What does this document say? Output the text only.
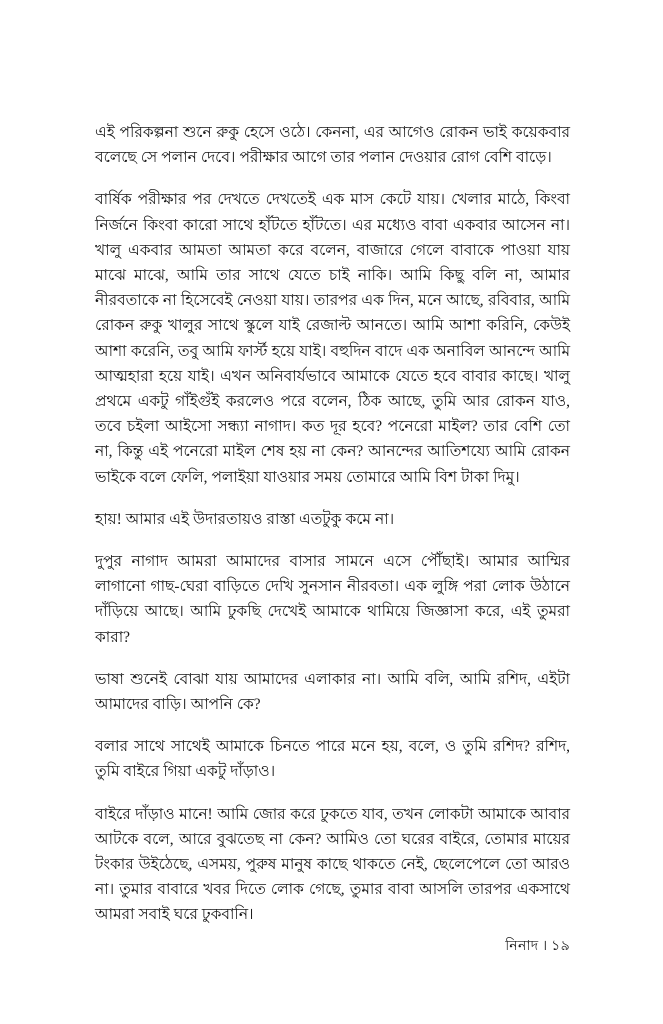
এই পরিকল্পনা শুনে রুকু হেসে ওঠে। কেননা, এর আগেও রোকন ভাই কয়েকবার বলেছে সে পলান দেবে। পরীক্ষার আগে তার পলান দেওয়ার রোগ বেশি বাড়ে।

বার্ষিক পরীক্ষার পর দেখতে দেখতেই এক মাস কেটে যায়। খেলার মাঠে, কিংবা নির্জনে কিংবা কারো সাথে হাঁটতে হাঁটতে। এর মধ্যেও বাবা একবার আসেন না। খালু একবার আমতা আমতা করে বলেন, বাজারে গেলে বাবাকে পাওয়া যায় মাঝে মাঝে, আমি তার সাথে যেতে চাই নাকি। আমি কিছু বলি না, আমার নীরবতাকে না হিসেবেই নেওয়া যায়। তারপর এক দিন, মনে আছে, রবিবার, আমি রোকন রুকু খালুর সাথে স্কুলে যাই রেজাল্ট আনতে। আমি আশা করিনি, কেউই আশা করেনি, তবু আমি ফার্স্ট হয়ে যাই। বহুদিন বাদে এক অনাবিল আনন্দে আমি আত্মহারা হয়ে যাই। এখন অনিবার্যভাবে আমাকে যেতে হবে বাবার কাছে। খালু প্রথমে একটু গাঁইগুঁই করলেও পরে বলেন, ঠিক আছে, তুমি আর রোকন যাও, তবে চইলা আইসো সন্ধ্যা নাগাদ। কত দূর হবে? পনেরো মাইল? তার বেশি তো না, কিন্তু এই পনেরো মাইল শেষ হয় না কেন? আনন্দের আতিশয্যে আমি রোকন ভাইকে বলে ফেলি, পলাইয়া যাওয়ার সময় তোমারে আমি বিশ টাকা দিমু।

হায়! আমার এই উদারতায়ও রাস্তা এতটুকু কমে না।

দুপুর নাগাদ আমরা আমাদের বাসার সামনে এসে পৌঁছাই। আমার আম্মির লাগানো গাছ-ঘেরা বাড়িতে দেখি সুনসান নীরবতা। এক লুঙ্গি পরা লোক উঠানে দাঁড়িয়ে আছে। আমি ঢুকছি দেখেই আমাকে থামিয়ে জিজ্ঞাসা করে, এই তুমরা কারা?

ভাষা শুনেই বোঝা যায় আমাদের এলাকার না। আমি বলি, আমি রশিদ, এইটা আমাদের বাড়ি। আপনি কে?

বলার সাথে সাথেই আমাকে চিনতে পারে মনে হয়, বলে, ও তুমি রশিদ? রশিদ, তুমি বাইরে গিয়া একটু দাঁড়াও।

বাইরে দাঁড়াও মানে! আমি জোর করে ঢুকতে যাব, তখন লোকটা আমাকে আবার আটকে বলে, আরে বুঝতেছ না কেন? আমিও তো ঘরের বাইরে, তোমার মায়ের টংকার উইঠেছে, এসময়, পুরুষ মানুষ কাছে থাকতে নেই, ছেলেপেলে তো আরও না। তুমার বাবারে খবর দিতে লোক গেছে, তুমার বাবা আসলি তারপর একসাথে আমরা সবাই ঘরে ঢুকবানি।

নিনাদ । ১৯
